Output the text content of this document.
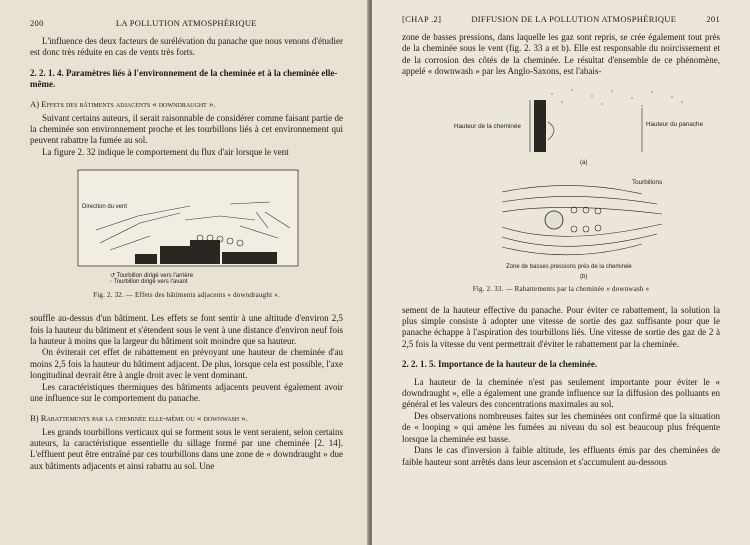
200	LA POLLUTION ATMOSPHÉRIQUE

L'influence des deux facteurs de surélévation du panache que nous venons d'étudier est donc très réduite en cas de vents très forts.

2. 2. 1. 4. Paramètres liés à l'environnement de la cheminée et à la cheminée elle-même.
A) Effets des bâtiments adjacents « downdraught ».

Suivant certains auteurs, il serait raisonnable de considérer comme faisant partie de la cheminée son environnement proche et les tourbillons liés à cet environnement qui peuvent rabattre la fumée au sol.

La figure 2. 32 indique le comportement du flux d'air lorsque le vent

Direction du vent
↺ Tourbillon dirigé vers l'arrière
◦ Tourbillon dirigé vers l'avant
Fig. 2. 32. — Effets des bâtiments adjacents « downdraught ».

souffle au-dessus d'un bâtiment. Les effets se font sentir à une altitude d'environ 2,5 fois la hauteur du bâtiment et s'étendent sous le vent à une distance d'environ neuf fois la hauteur à moins que la largeur du bâtiment soit moindre que sa hauteur.

On éviterait cet effet de rabattement en prévoyant une hauteur de cheminée d'au moins 2,5 fois la hauteur du bâtiment adjacent. De plus, lorsque cela est possible, l'axe longitudinal devrait être à angle droit avec le vent dominant.

Les caractéristiques thermiques des bâtiments adjacents peuvent également avoir une influence sur le comportement du panache.

B) Rabattements par la cheminée elle-même ou « downwash ».

Les grands tourbillons verticaux qui se forment sous le vent seraient, selon certains auteurs, la caractéristique essentielle du sillage formé par une cheminée [2. 14]. L'effluent peut être entraîné par ces tourbillons dans une zone de « downdraught » due aux bâtiments adjacents et ainsi rabattu au sol. Une

[CHAP .2]	DIFFUSION DE LA POLLUTION ATMOSPHÉRIQUE	201

zone de basses pressions, dans laquelle les gaz sont repris, se crée également tout près de la cheminée sous le vent (fig. 2. 33 a et b). Elle est responsable du noircissement et de la corrosion des côtés de la cheminée. Le résultat d'ensemble de ce phénomène, appelé « downwash » par les Anglo-Saxons, est l'abais-

Hauteur de la cheminée	Hauteur du panache
(a)
Tourbillons
Zone de basses pressions près de la cheminée
(b)
Fig. 2. 33. — Rabattements par la cheminée « downwash »

sement de la hauteur effective du panache. Pour éviter ce rabattement, la solution la plus simple consiste à adopter une vitesse de sortie des gaz suffisante pour que le panache échappe à l'aspiration des tourbillons liés. Une vitesse de sortie des gaz de 2 à 2,5 fois la vitesse du vent permettrait d'éviter le rabattement par la cheminée.

2. 2. 1. 5. Importance de la hauteur de la cheminée.

La hauteur de la cheminée n'est pas seulement importante pour éviter le « downdraught », elle a également une grande influence sur la diffusion des polluants en général et les valeurs des concentrations maximales au sol.

Des observations nombreuses faites sur les cheminées ont confirmé que la situation de « looping » qui amène les fumées au niveau du sol est beaucoup plus fréquente lorsque la cheminée est basse.

Dans le cas d'inversion à faible altitude, les effluents émis par des cheminées de faible hauteur sont arrêtés dans leur ascension et s'accumulent au-dessous
